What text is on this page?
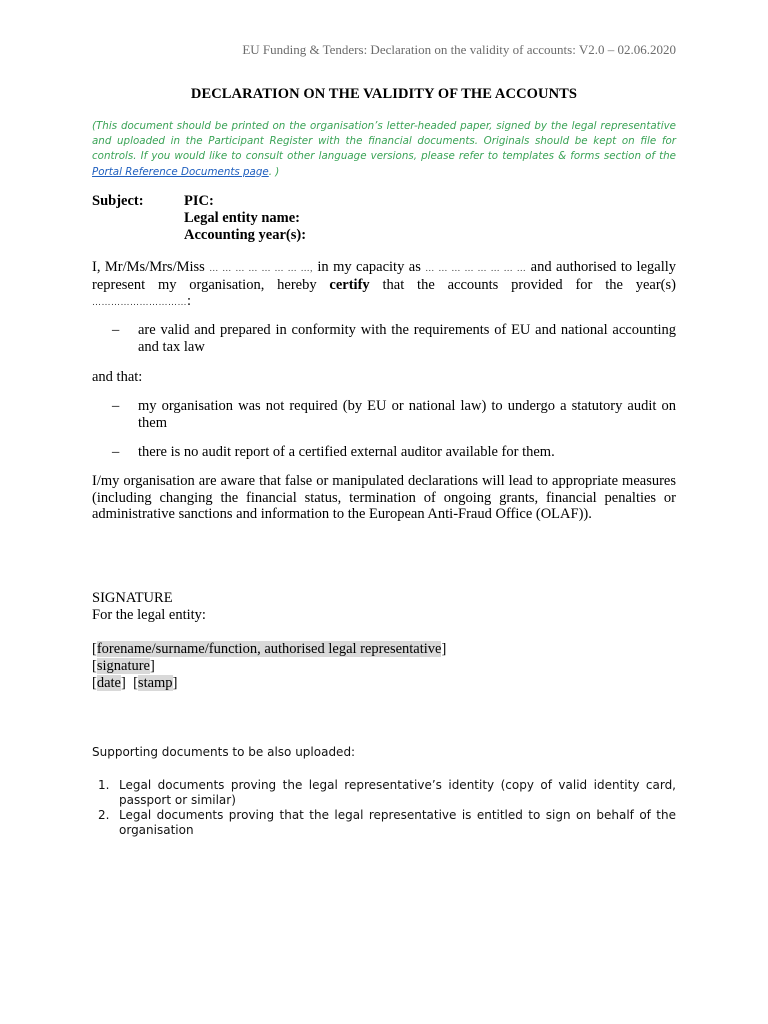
EU Funding & Tenders: Declaration on the validity of accounts: V2.0 – 02.06.2020
DECLARATION ON THE VALIDITY OF THE ACCOUNTS
(This document should be printed on the organisation’s letter-headed paper, signed by the legal representative and uploaded in the Participant Register with the financial documents. Originals should be kept on file for controls. If you would like to consult other language versions, please refer to templates & forms section of the Portal Reference Documents page. )
Subject:	PIC:
Legal entity name:
Accounting year(s):
I, Mr/Ms/Mrs/Miss … … … … … … … …, in my capacity as … … … … … … … … and authorised to legally represent my organisation, hereby certify that the accounts provided for the year(s) …………………………:
– are valid and prepared in conformity with the requirements of EU and national accounting and tax law
and that:
– my organisation was not required (by EU or national law) to undergo a statutory audit on them
– there is no audit report of a certified external auditor available for them.
I/my organisation are aware that false or manipulated declarations will lead to appropriate measures (including changing the financial status, termination of ongoing grants, financial penalties or administrative sanctions and information to the European Anti-Fraud Office (OLAF)).
SIGNATURE
For the legal entity:
[forename/surname/function, authorised legal representative]
[signature]
[date]  [stamp]
Supporting documents to be also uploaded:
1. Legal documents proving the legal representative’s identity (copy of valid identity card, passport or similar)
2. Legal documents proving that the legal representative is entitled to sign on behalf of the organisation
